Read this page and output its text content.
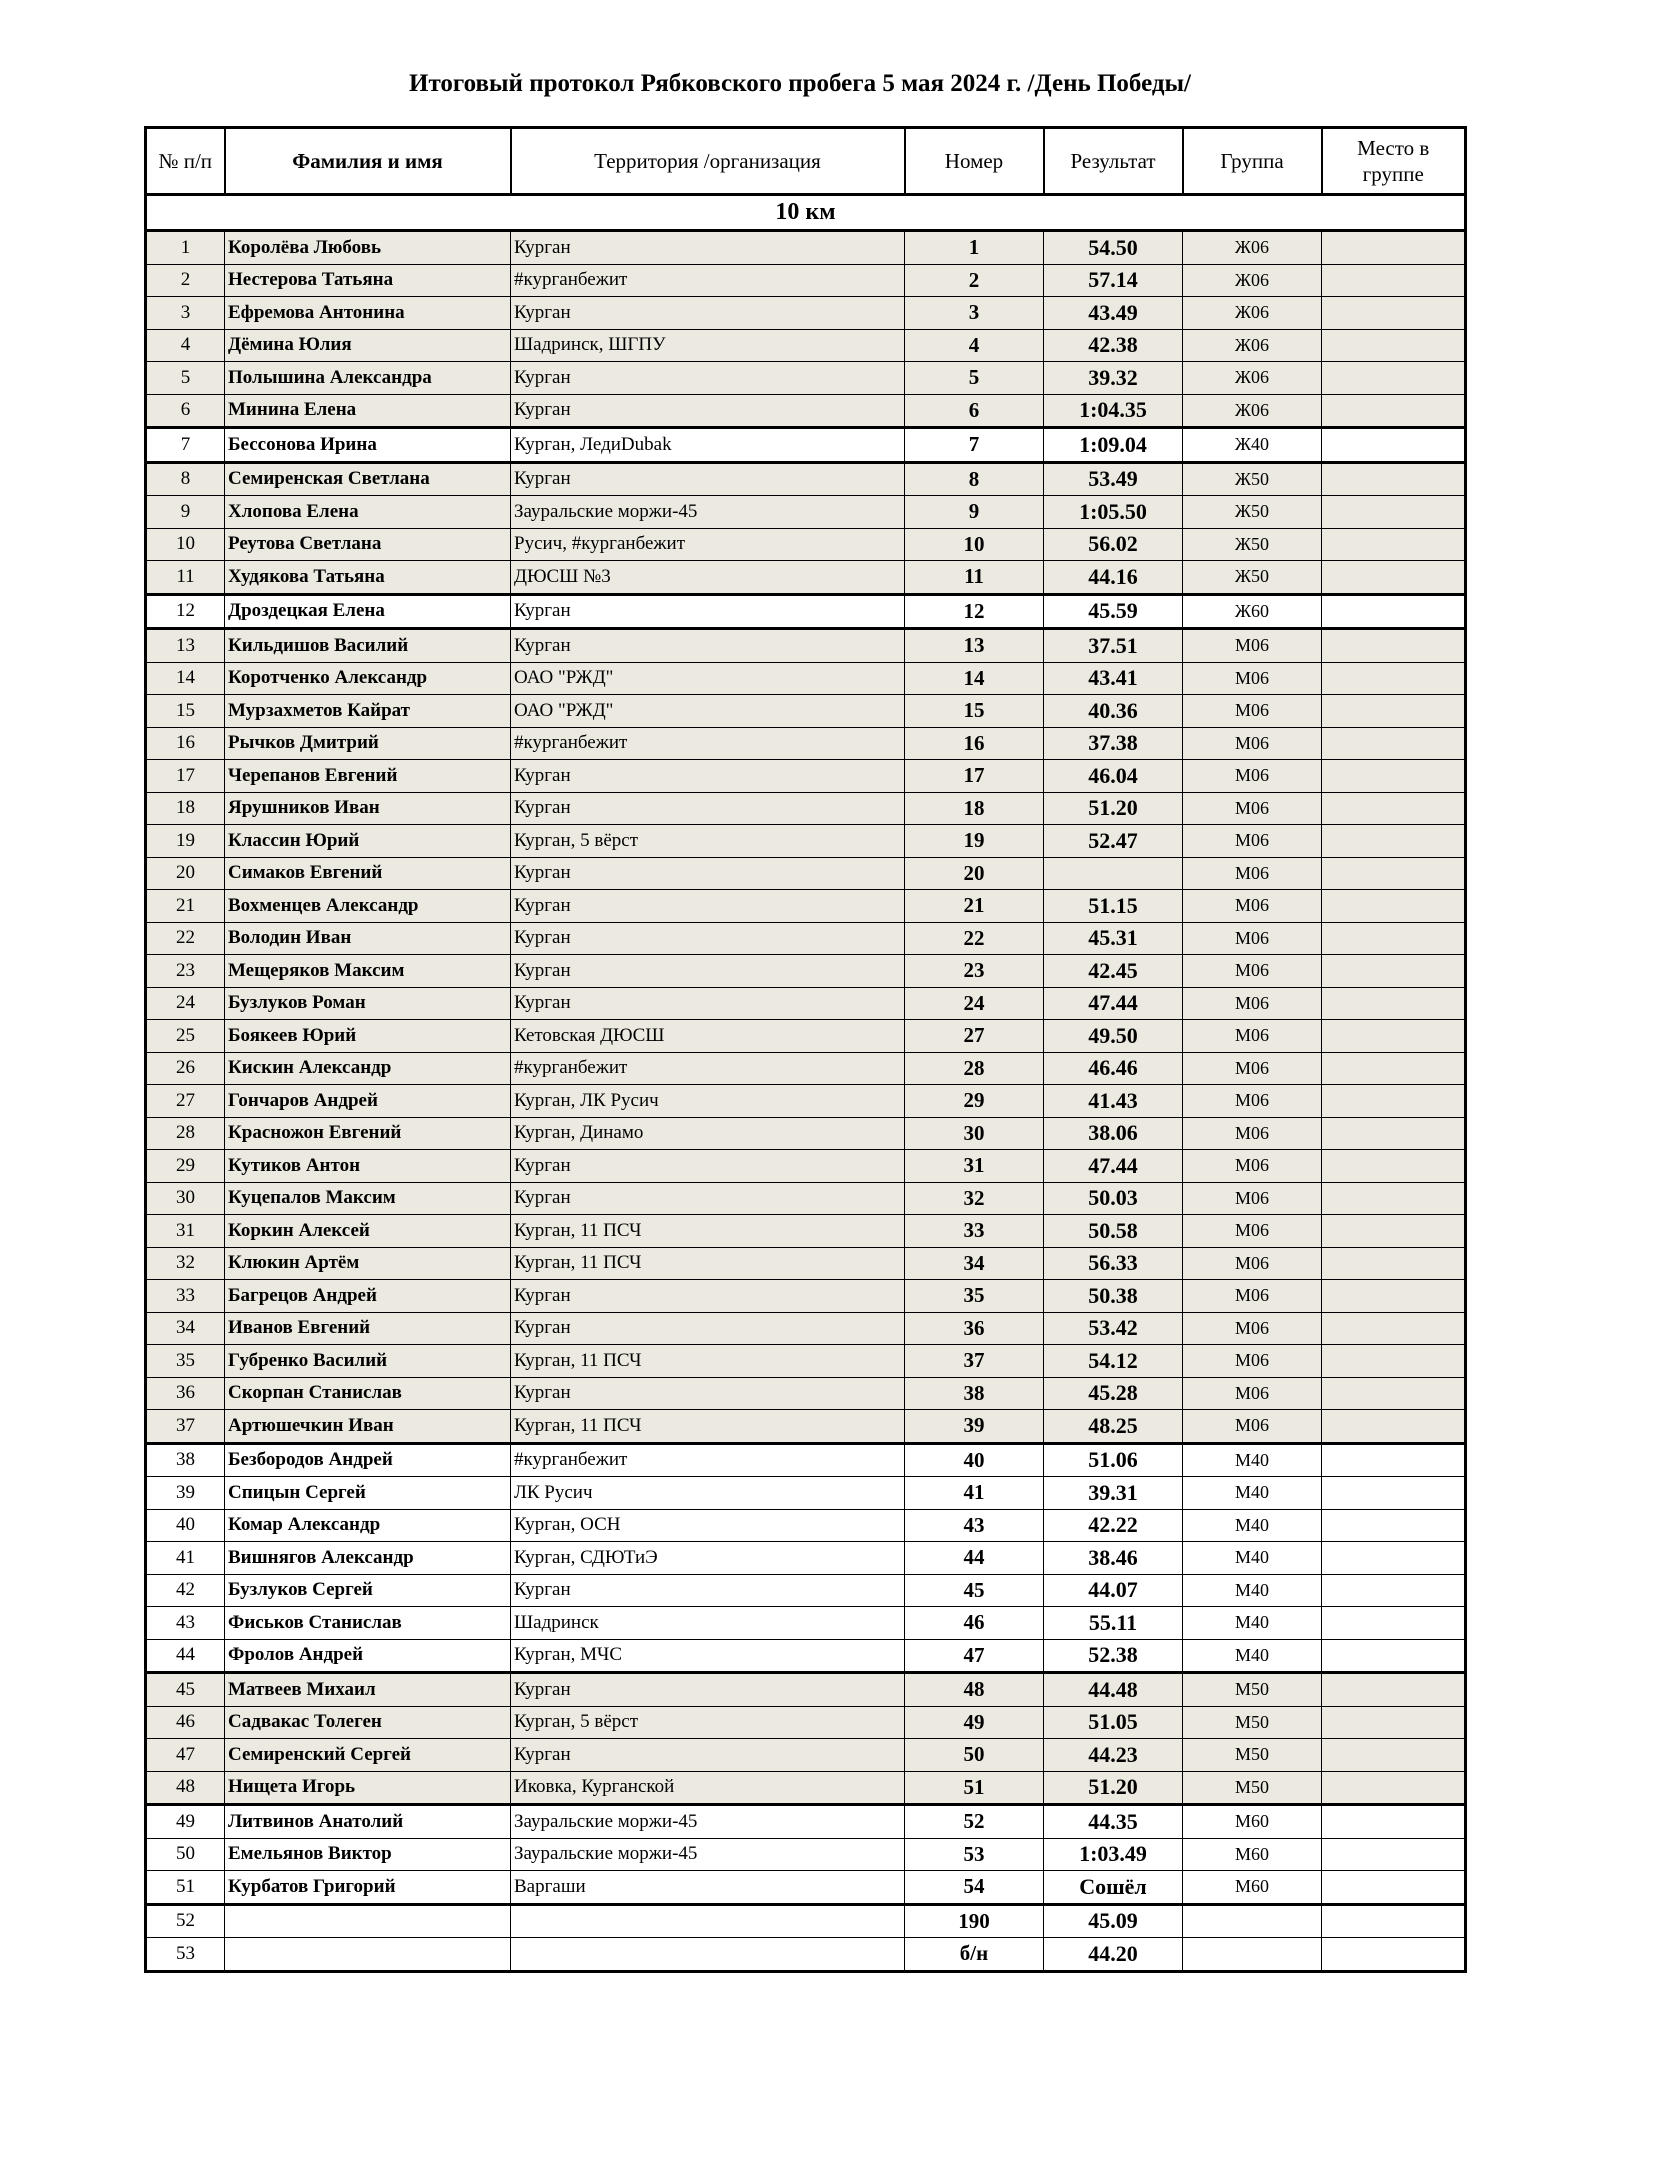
Итоговый протокол Рябковского пробега 5 мая 2024 г. /День Победы/
№ п/п	Фамилия и имя	Территория /организация	Номер	Результат	Группа	Место в группе
10 км						
1	Королёва Любовь	Курган	1	54.50	Ж06	
2	Нестерова Татьяна	#курганбежит	2	57.14	Ж06	
3	Ефремова Антонина	Курган	3	43.49	Ж06	
4	Дёмина Юлия	Шадринск, ШГПУ	4	42.38	Ж06	
5	Полышина Александра	Курган	5	39.32	Ж06	
6	Минина Елена	Курган	6	1:04.35	Ж06	
7	Бессонова Ирина	Курган, ЛедиDubak	7	1:09.04	Ж40	
8	Семиренская Светлана	Курган	8	53.49	Ж50	
9	Хлопова Елена	Зауральские моржи-45	9	1:05.50	Ж50	
10	Реутова Светлана	Русич, #курганбежит	10	56.02	Ж50	
11	Худякова Татьяна	ДЮСШ №3	11	44.16	Ж50	
12	Дроздецкая Елена	Курган	12	45.59	Ж60	
13	Кильдишов Василий	Курган	13	37.51	М06	
14	Коротченко Александр	ОАО "РЖД"	14	43.41	М06	
15	Мурзахметов Кайрат	ОАО "РЖД"	15	40.36	М06	
16	Рычков Дмитрий	#курганбежит	16	37.38	М06	
17	Черепанов Евгений	Курган	17	46.04	М06	
18	Ярушников Иван	Курган	18	51.20	М06	
19	Классин Юрий	Курган, 5 вёрст	19	52.47	М06	
20	Симаков Евгений	Курган	20		М06	
21	Вохменцев Александр	Курган	21	51.15	М06	
22	Володин Иван	Курган	22	45.31	М06	
23	Мещеряков Максим	Курган	23	42.45	М06	
24	Бузлуков Роман	Курган	24	47.44	М06	
25	Боякеев Юрий	Кетовская ДЮСШ	27	49.50	М06	
26	Кискин Александр	#курганбежит	28	46.46	М06	
27	Гончаров Андрей	Курган, ЛК Русич	29	41.43	М06	
28	Красножон Евгений	Курган, Динамо	30	38.06	М06	
29	Кутиков Антон	Курган	31	47.44	М06	
30	Куцепалов Максим	Курган	32	50.03	М06	
31	Коркин Алексей	Курган, 11 ПСЧ	33	50.58	М06	
32	Клюкин Артём	Курган, 11 ПСЧ	34	56.33	М06	
33	Багрецов Андрей	Курган	35	50.38	М06	
34	Иванов Евгений	Курган	36	53.42	М06	
35	Губренко Василий	Курган, 11 ПСЧ	37	54.12	М06	
36	Скорпан Станислав	Курган	38	45.28	М06	
37	Артюшечкин Иван	Курган, 11 ПСЧ	39	48.25	М06	
38	Безбородов Андрей	#курганбежит	40	51.06	М40	
39	Спицын Сергей	ЛК Русич	41	39.31	М40	
40	Комар Александр	Курган, ОСН	43	42.22	М40	
41	Вишнягов Александр	Курган, СДЮТиЭ	44	38.46	М40	
42	Бузлуков Сергей	Курган	45	44.07	М40	
43	Фиськов Станислав	Шадринск	46	55.11	М40	
44	Фролов Андрей	Курган, МЧС	47	52.38	М40	
45	Матвеев Михаил	Курган	48	44.48	М50	
46	Садвакас Толеген	Курган, 5 вёрст	49	51.05	М50	
47	Семиренский Сергей	Курган	50	44.23	М50	
48	Нищета Игорь	Иковка, Курганской	51	51.20	М50	
49	Литвинов Анатолий	Зауральские моржи-45	52	44.35	М60	
50	Емельянов Виктор	Зауральские моржи-45	53	1:03.49	М60	
51	Курбатов Григорий	Варгаши	54	Сошёл	М60	
52			190	45.09		
53			б/н	44.20		
